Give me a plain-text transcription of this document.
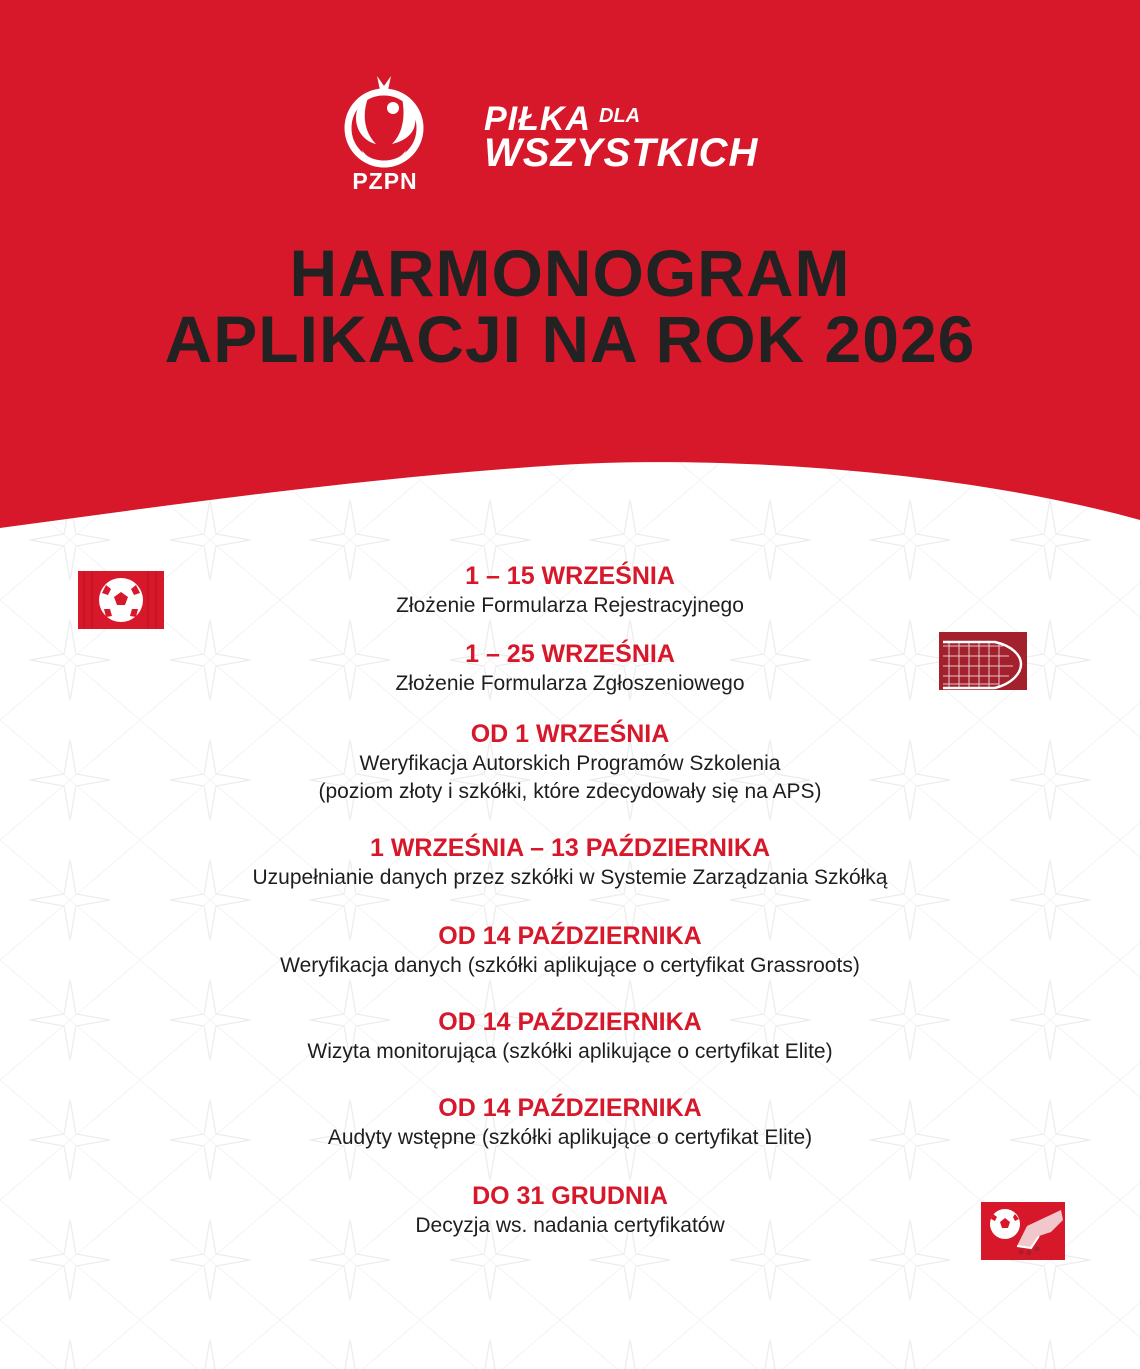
PZPN
PIŁKA DLA
WSZYSTKICH
HARMONOGRAM
APLIKACJI NA ROK 2026
1 – 15 WRZEŚNIA
Złożenie Formularza Rejestracyjnego
1 – 25 WRZEŚNIA
Złożenie Formularza Zgłoszeniowego
OD 1 WRZEŚNIA
Weryfikacja Autorskich Programów Szkolenia
(poziom złoty i szkółki, które zdecydowały się na APS)
1 WRZEŚNIA – 13 PAŹDZIERNIKA
Uzupełnianie danych przez szkółki w Systemie Zarządzania Szkółką
OD 14 PAŹDZIERNIKA
Weryfikacja danych (szkółki aplikujące o certyfikat Grassroots)
OD 14 PAŹDZIERNIKA
Wizyta monitorująca (szkółki aplikujące o certyfikat Elite)
OD 14 PAŹDZIERNIKA
Audyty wstępne (szkółki aplikujące o certyfikat Elite)
DO 31 GRUDNIA
Decyzja ws. nadania certyfikatów
